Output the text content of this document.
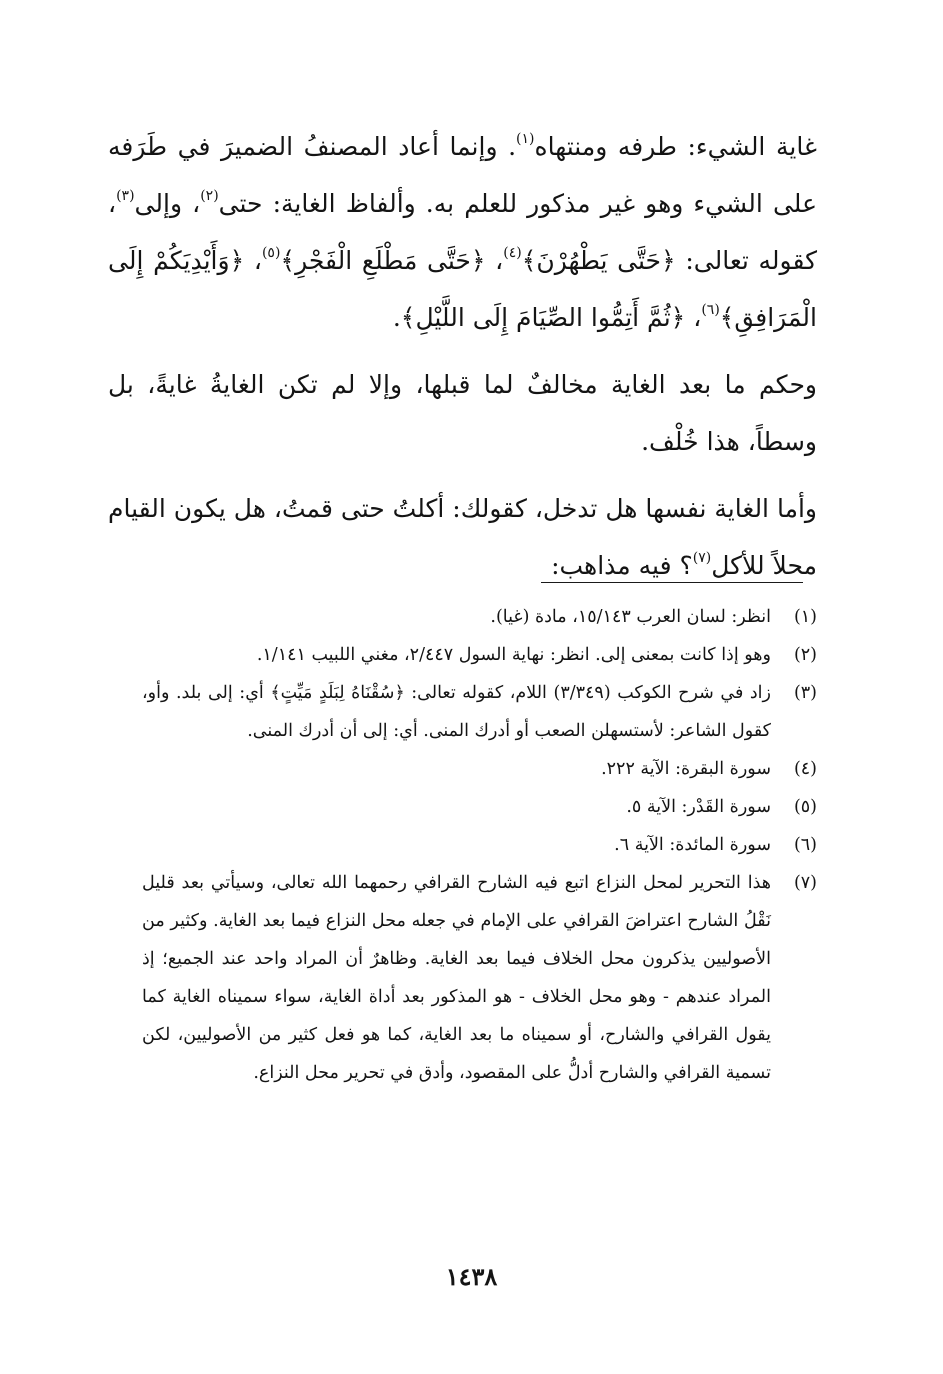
غاية الشيء: طرفه ومنتهاه$^{(١)}$. وإنما أعاد المصنفُ الضميرَ في طَرَفه على الشيء وهو غير مذكور للعلم به. وألفاظ الغاية: حتى$^{(٢)}$، وإلى$^{(٣)}$، كقوله تعالى: ﴿حَتَّى يَطْهُرْنَ﴾$^{(٤)}$، ﴿حَتَّى مَطْلَعِ الْفَجْرِ﴾$^{(٥)}$، ﴿وَأَيْدِيَكُمْ إِلَى الْمَرَافِقِ﴾$^{(٦)}$، ﴿ثُمَّ أَتِمُّوا الصِّيَامَ إِلَى اللَّيْلِ﴾.

وحكم ما بعد الغاية مخالفٌ لما قبلها، وإلا لم تكن الغايةُ غايةً، بل وسطاً، هذا خُلْف.

وأما الغاية نفسها هل تدخل، كقولك: أكلتُ حتى قمتُ، هل يكون القيام محلاً للأكل$^{(٧)}$؟ فيه مذاهب:

(١)
انظر: لسان العرب ١٥/١٤٣، مادة (غيا).
(٢)
وهو إذا كانت بمعنى إلى. انظر: نهاية السول ٢/٤٤٧، مغني اللبيب ١/١٤١.
(٣)
زاد في شرح الكوكب (٣/٣٤٩) اللام، كقوله تعالى: ﴿سُقْنَاهُ لِبَلَدٍ مَيِّتٍ﴾ أي: إلى بلد. وأو، كقول الشاعر: لأستسهلن الصعب أو أدرك المنى. أي: إلى أن أدرك المنى.
(٤)
سورة البقرة: الآية ٢٢٢.
(٥)
سورة القَدْر: الآية ٥.
(٦)
سورة المائدة: الآية ٦.
(٧)
هذا التحرير لمحل النزاع اتبع فيه الشارح القرافي رحمهما الله تعالى، وسيأتي بعد قليل نَقْلُ الشارح اعتراضَ القرافي على الإمام في جعله محل النزاع فيما بعد الغاية. وكثير من الأصوليين يذكرون محل الخلاف فيما بعد الغاية. وظاهرٌ أن المراد واحد عند الجميع؛ إذ المراد عندهم - وهو محل الخلاف - هو المذكور بعد أداة الغاية، سواء سميناه الغاية كما يقول القرافي والشارح، أو سميناه ما بعد الغاية، كما هو فعل كثير من الأصوليين، لكن تسمية القرافي والشارح أدلُّ على المقصود، وأدق في تحرير محل النزاع.
١٤٣٨
